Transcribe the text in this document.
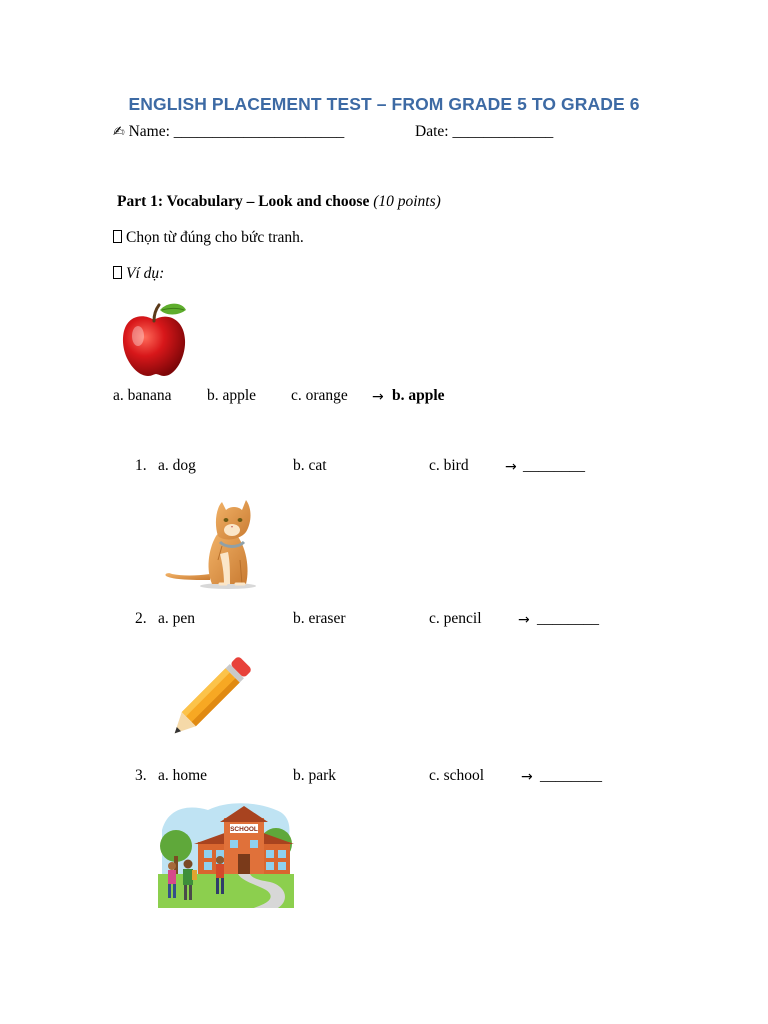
ENGLISH PLACEMENT TEST – FROM GRADE 5 TO GRADE 6
✍ Name: ______________________	Date: _____________
Part 1: Vocabulary – Look and choose (10 points)
Chọn từ đúng cho bức tranh.
Ví dụ:
a. banana b. apple c. orange → b. apple
1. a. dog	b. cat	c. bird	→ ________
2. a. pen	b. eraser	c. pencil	→ ________
3. a. home	b. park	c. school	→ ________
SCHOOL
